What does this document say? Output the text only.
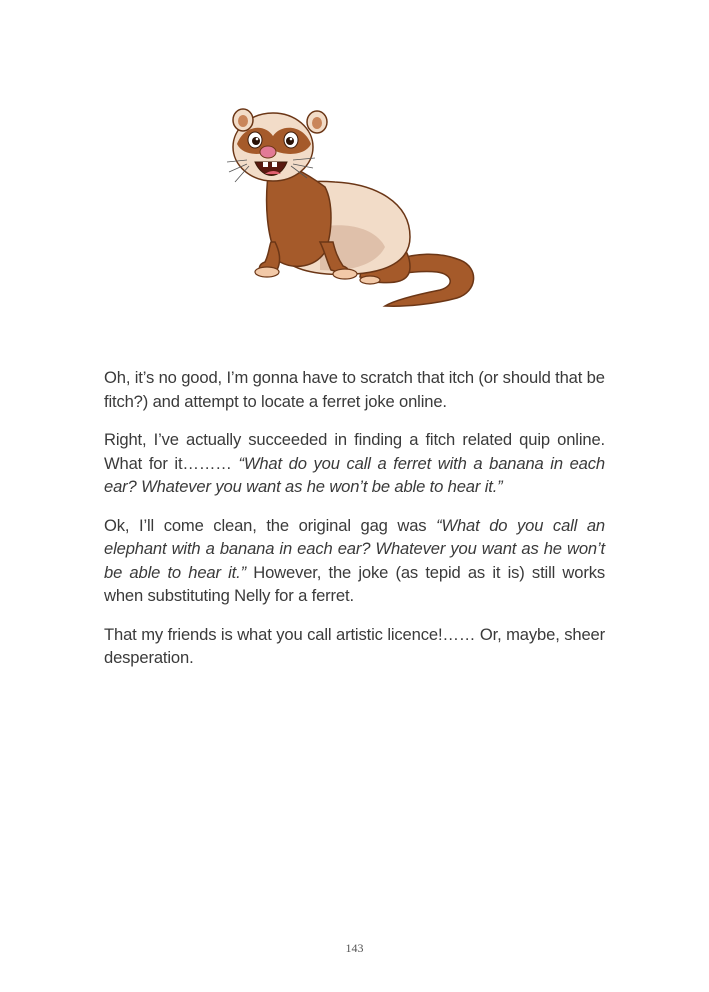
Oh, it’s no good, I’m gonna have to scratch that itch (or should that be fitch?) and attempt to locate a ferret joke online.

Right, I’ve actually succeeded in finding a fitch related quip online. What for it……… “What do you call a ferret with a banana in each ear? Whatever you want as he won’t be able to hear it.”

Ok, I’ll come clean, the original gag was “What do you call an elephant with a banana in each ear? Whatever you want as he won’t be able to hear it.” However, the joke (as tepid as it is) still works when substituting Nelly for a ferret.

That my friends is what you call artistic licence!…… Or, maybe, sheer desperation.

143
